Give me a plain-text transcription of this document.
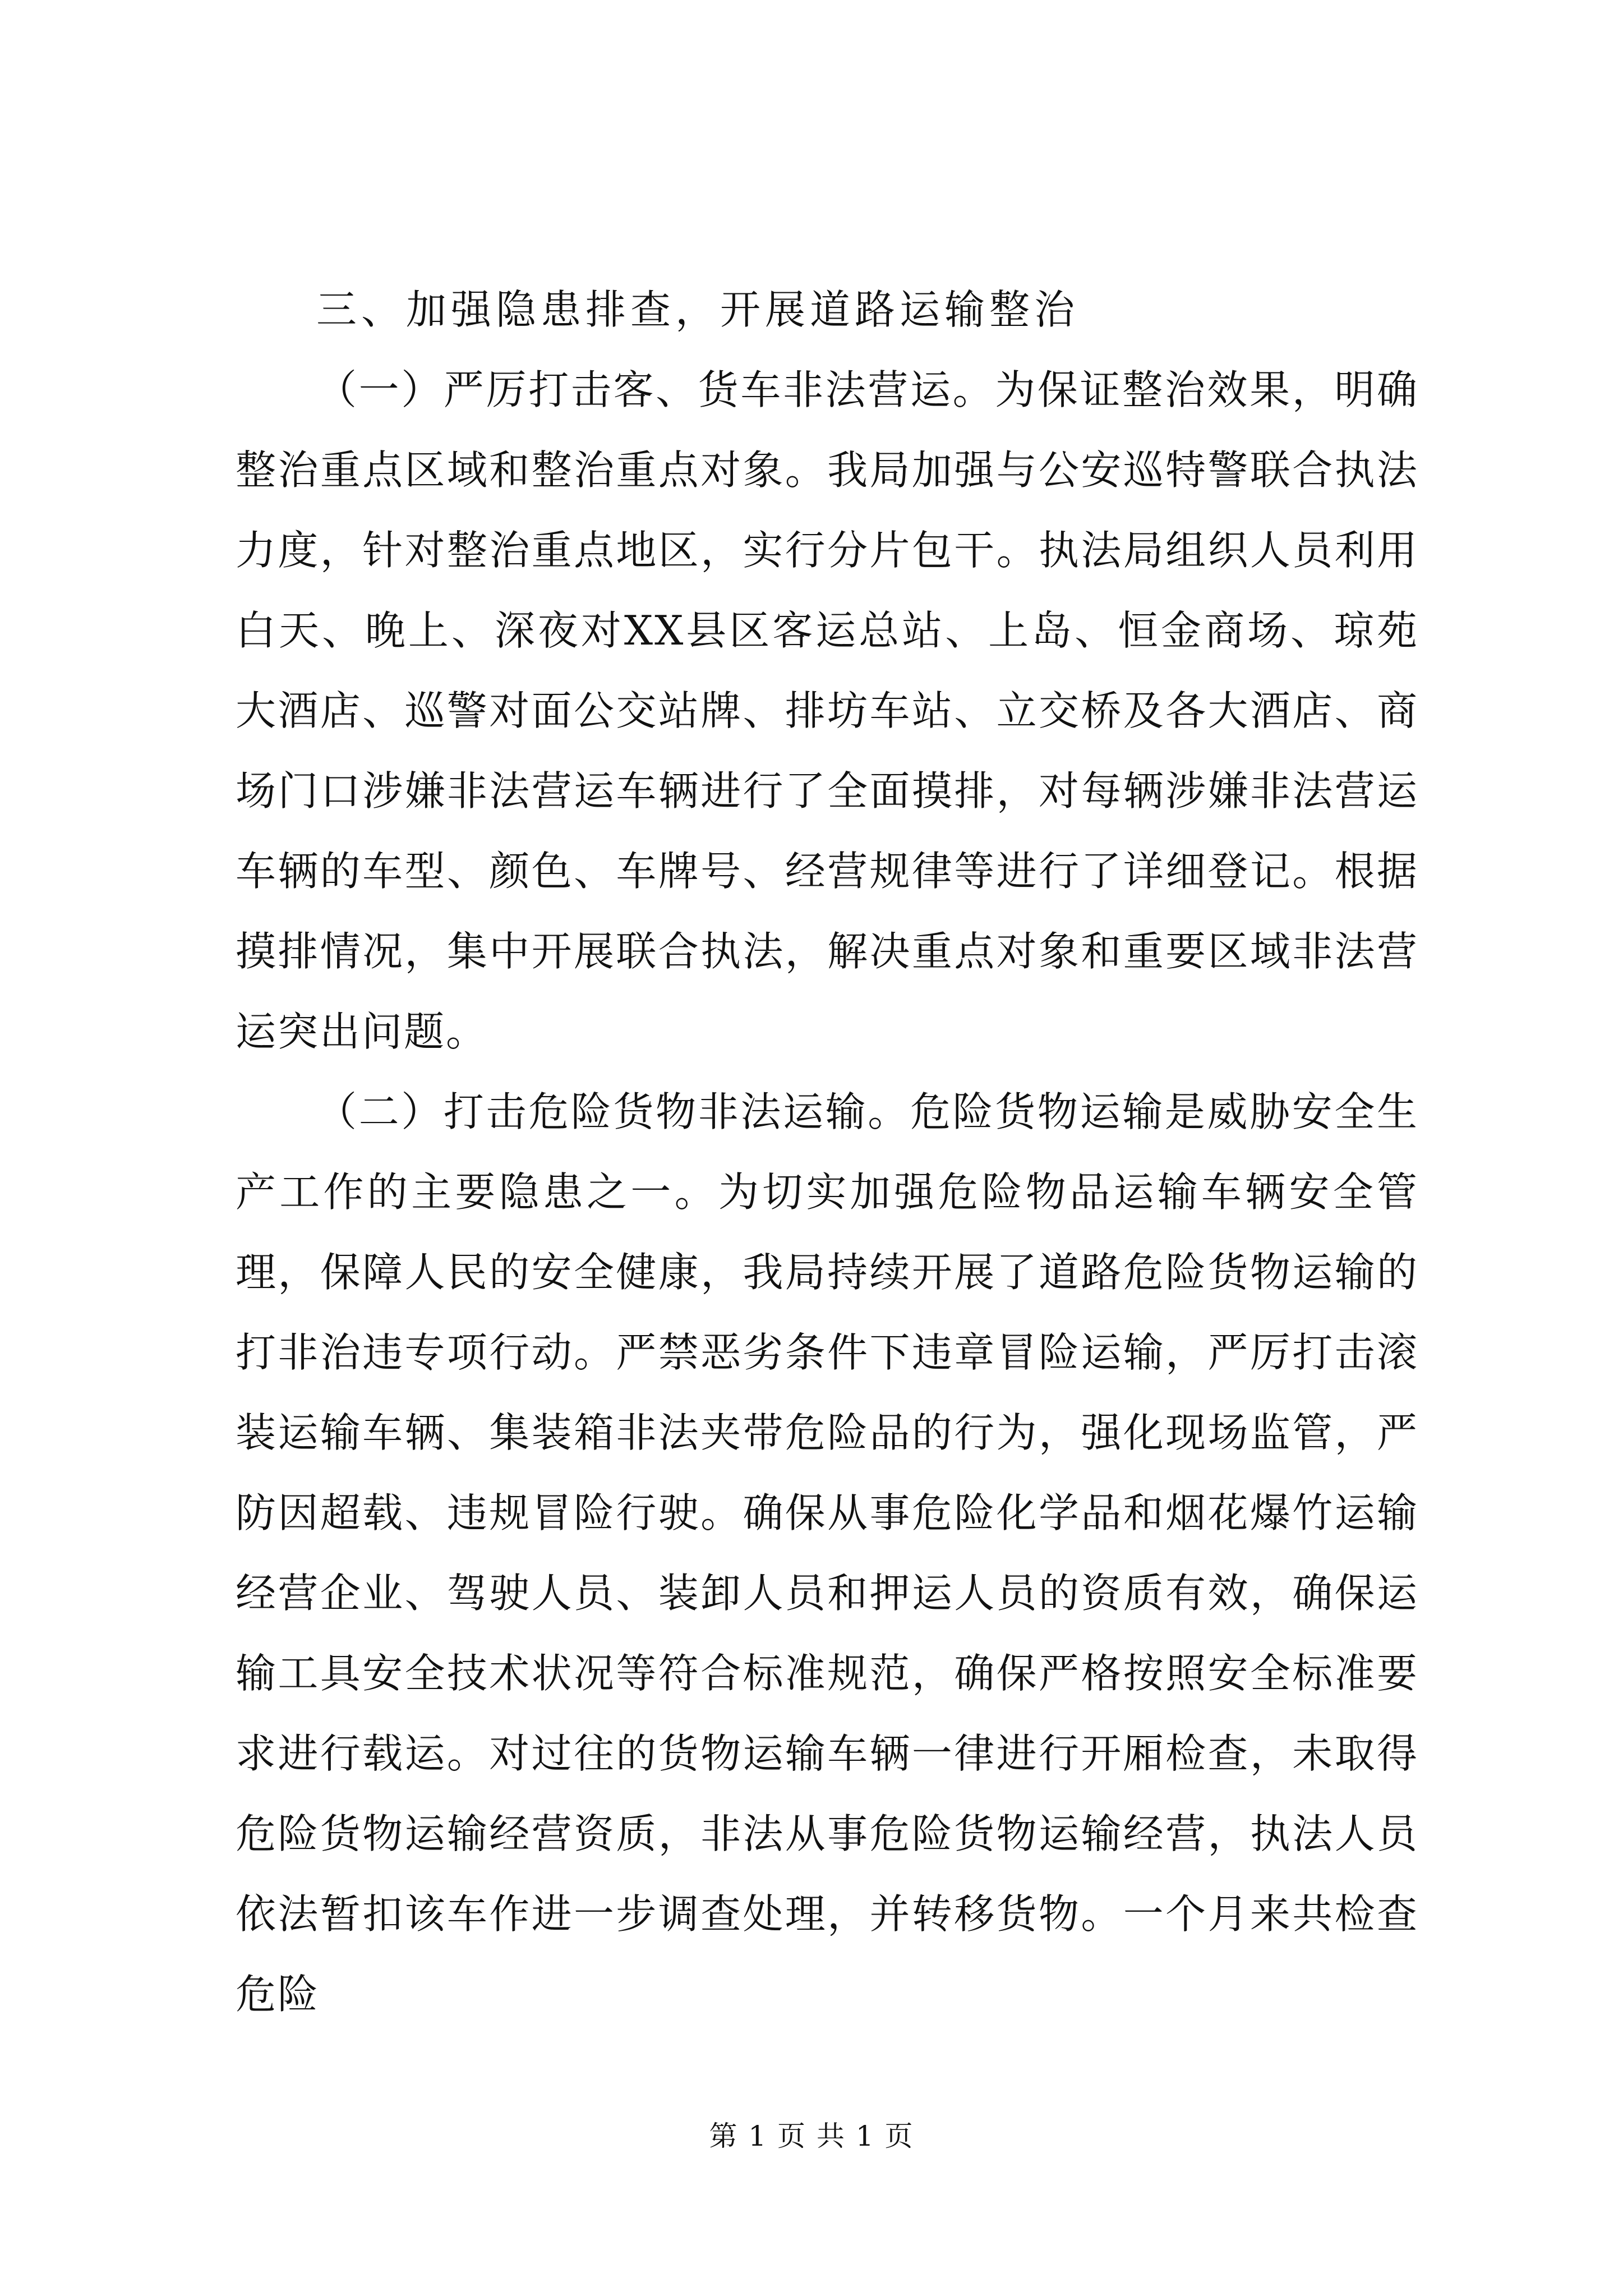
三、加强隐患排查，开展道路运输整治

（一）严厉打击客、货车非法营运。为保证整治效果，明确整治重点区域和整治重点对象。我局加强与公安巡特警联合执法力度，针对整治重点地区，实行分片包干。执法局组织人员利用白天、晚上、深夜对XX县区客运总站、上岛、恒金商场、琼苑大酒店、巡警对面公交站牌、排坊车站、立交桥及各大酒店、商场门口涉嫌非法营运车辆进行了全面摸排，对每辆涉嫌非法营运车辆的车型、颜色、车牌号、经营规律等进行了详细登记。根据摸排情况，集中开展联合执法，解决重点对象和重要区域非法营运突出问题。

（二）打击危险货物非法运输。危险货物运输是威胁安全生产工作的主要隐患之一。为切实加强危险物品运输车辆安全管理，保障人民的安全健康，我局持续开展了道路危险货物运输的打非治违专项行动。严禁恶劣条件下违章冒险运输，严厉打击滚装运输车辆、集装箱非法夹带危险品的行为，强化现场监管，严防因超载、违规冒险行驶。确保从事危险化学品和烟花爆竹运输经营企业、驾驶人员、装卸人员和押运人员的资质有效，确保运输工具安全技术状况等符合标准规范，确保严格按照安全标准要求进行载运。对过往的货物运输车辆一律进行开厢检查，未取得危险货物运输经营资质，非法从事危险货物运输经营，执法人员依法暂扣该车作进一步调查处理，并转移货物。一个月来共检查危险

第 1 页 共 1 页
